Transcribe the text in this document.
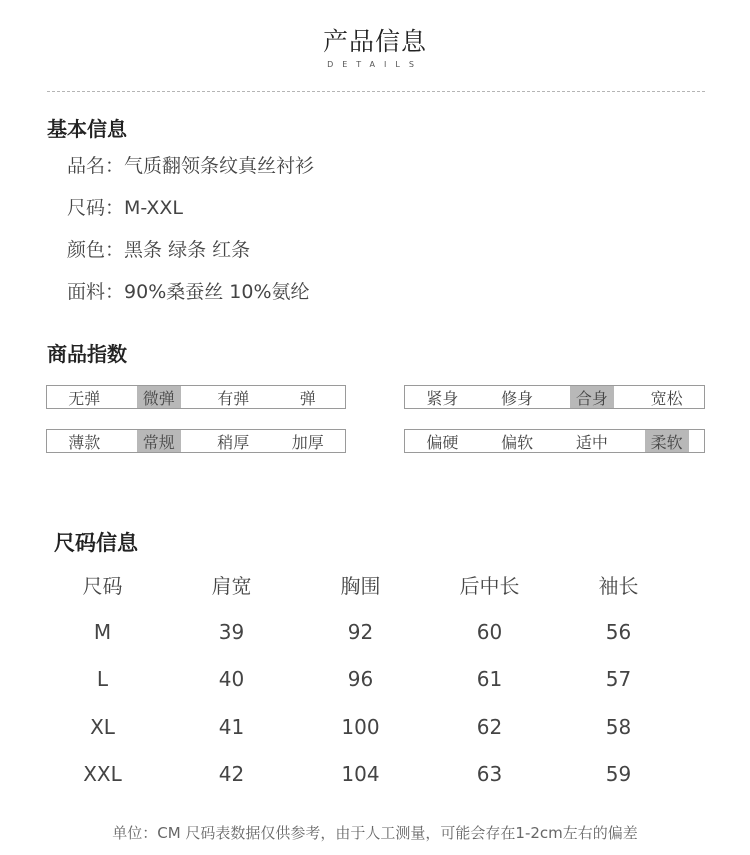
产品信息
DETAILS
基本信息
品名：气质翻领条纹真丝衬衫
尺码：M-XXL
颜色：黑条 绿条 红条
面料：90%桑蚕丝 10%氨纶
商品指数
无弹	微弹	有弹	弹	紧身	修身	合身	宽松
薄款	常规	稍厚	加厚	偏硬	偏软	适中	柔软
尺码信息
尺码	肩宽	胸围	后中长	袖长
M	39	92	60	56
L	40	96	61	57
XL	41	100	62	58
XXL	42	104	63	59
单位：CM 尺码表数据仅供参考，由于人工测量，可能会存在1-2cm左右的偏差
